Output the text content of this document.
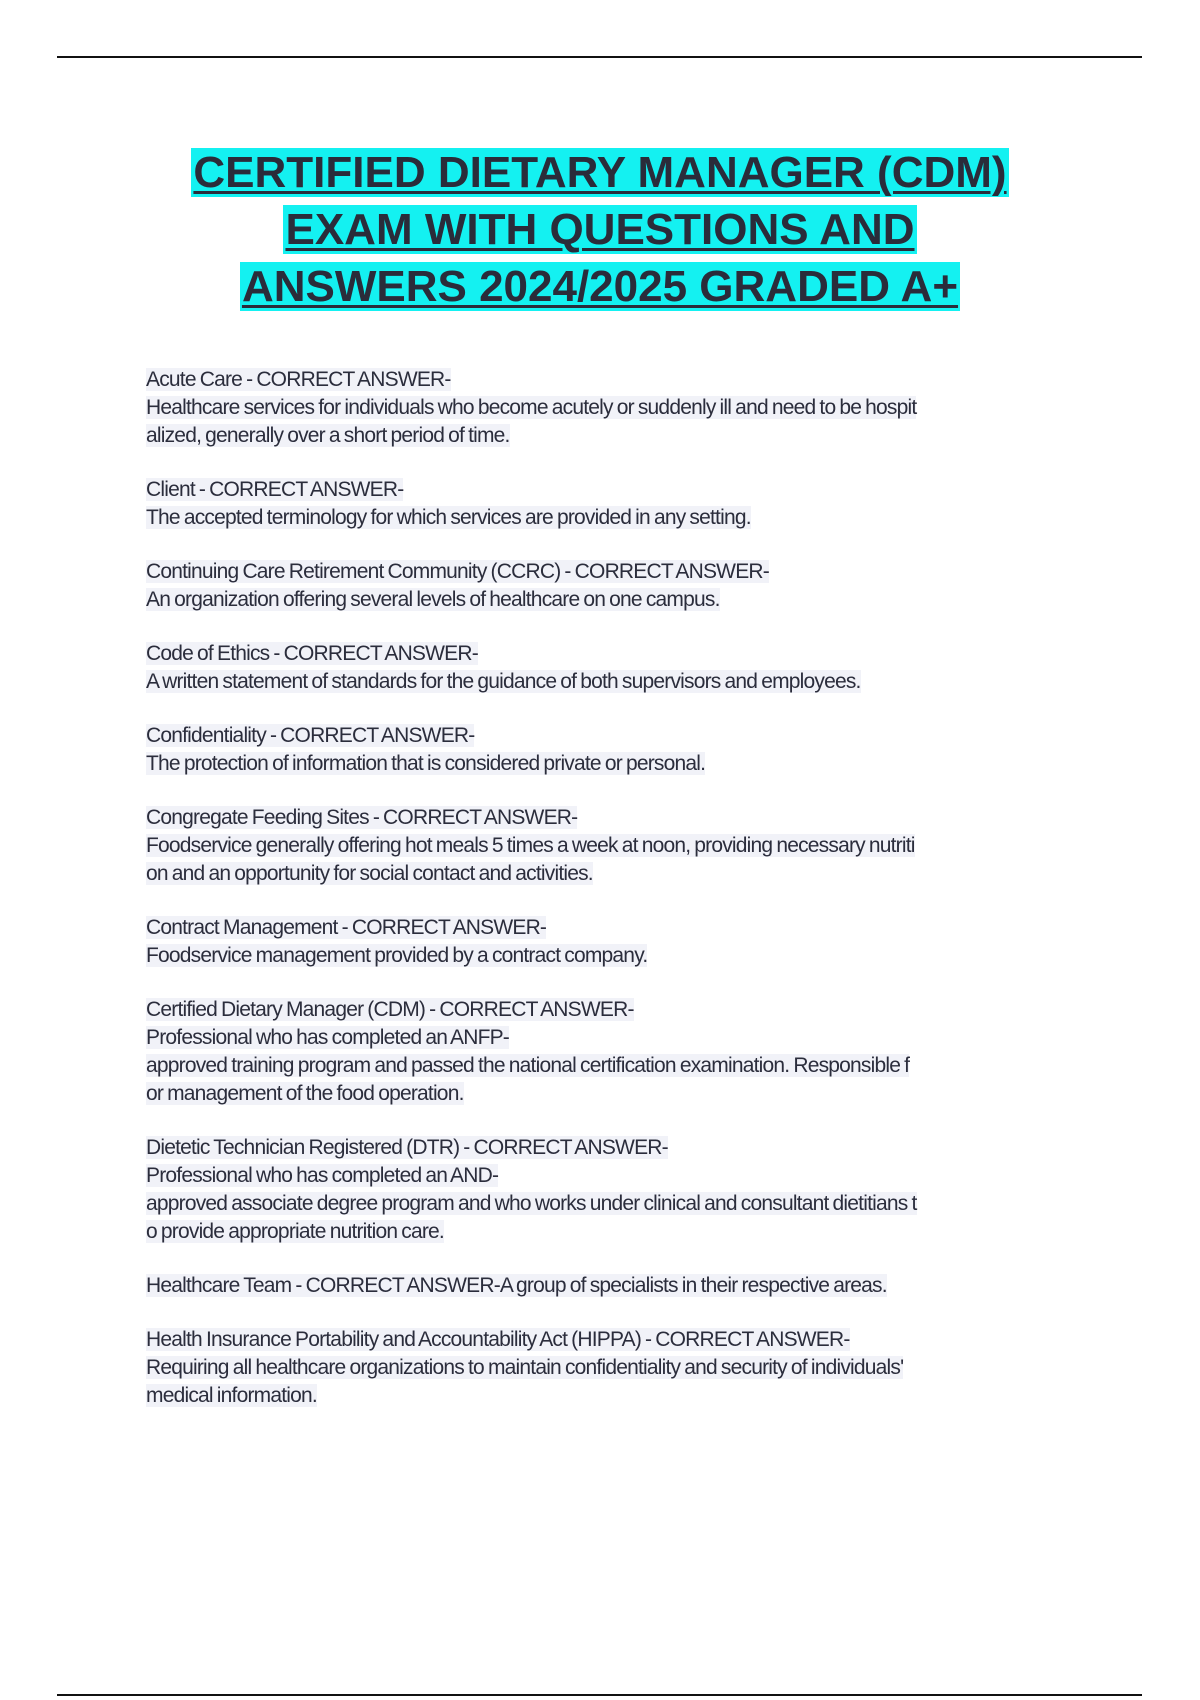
CERTIFIED DIETARY MANAGER (CDM)
EXAM WITH QUESTIONS AND
ANSWERS 2024/2025 GRADED A+
Acute Care - CORRECT ANSWER-
Healthcare services for individuals who become acutely or suddenly ill and need to be hospit
alized, generally over a short period of time.
Client - CORRECT ANSWER-
The accepted terminology for which services are provided in any setting.
Continuing Care Retirement Community (CCRC) - CORRECT ANSWER-
An organization offering several levels of healthcare on one campus.
Code of Ethics - CORRECT ANSWER-
A written statement of standards for the guidance of both supervisors and employees.
Confidentiality - CORRECT ANSWER-
The protection of information that is considered private or personal.
Congregate Feeding Sites - CORRECT ANSWER-
Foodservice generally offering hot meals 5 times a week at noon, providing necessary nutriti
on and an opportunity for social contact and activities.
Contract Management - CORRECT ANSWER-
Foodservice management provided by a contract company.
Certified Dietary Manager (CDM) - CORRECT ANSWER-
Professional who has completed an ANFP-
approved training program and passed the national certification examination. Responsible f
or management of the food operation.
Dietetic Technician Registered (DTR) - CORRECT ANSWER-
Professional who has completed an AND-
approved associate degree program and who works under clinical and consultant dietitians t
o provide appropriate nutrition care.
Healthcare Team - CORRECT ANSWER-A group of specialists in their respective areas.
Health Insurance Portability and Accountability Act (HIPPA) - CORRECT ANSWER-
Requiring all healthcare organizations to maintain confidentiality and security of individuals'
medical information.
